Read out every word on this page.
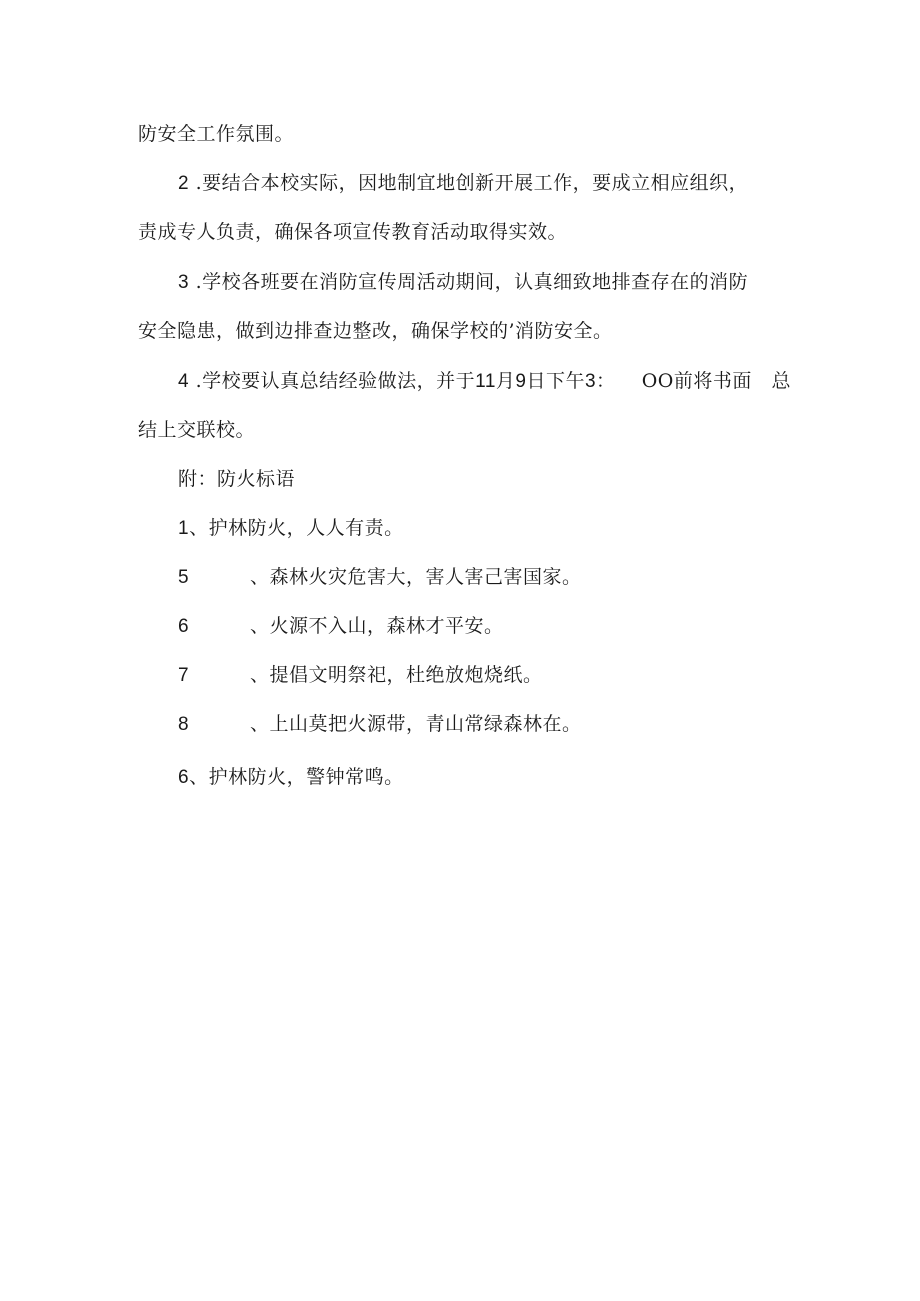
防安全工作氛围。
2 .要结合本校实际，因地制宜地创新开展工作，要成立相应组织，
责成专人负责，确保各项宣传教育活动取得实效。
3 .学校各班要在消防宣传周活动期间，认真细致地排查存在的消防
安全隐患，做到边排查边整改，确保学校的’消防安全。
4 .学校要认真总结经验做法，并于11月9日下午3：    OO前将书面   总
结上交联校。
附：防火标语
1、护林防火，人人有责。
5	、森林火灾危害大，害人害己害国家。
6	、火源不入山，森林才平安。
7	、提倡文明祭祀，杜绝放炮烧纸。
8	、上山莫把火源带，青山常绿森林在。
6、护林防火，警钟常鸣。
